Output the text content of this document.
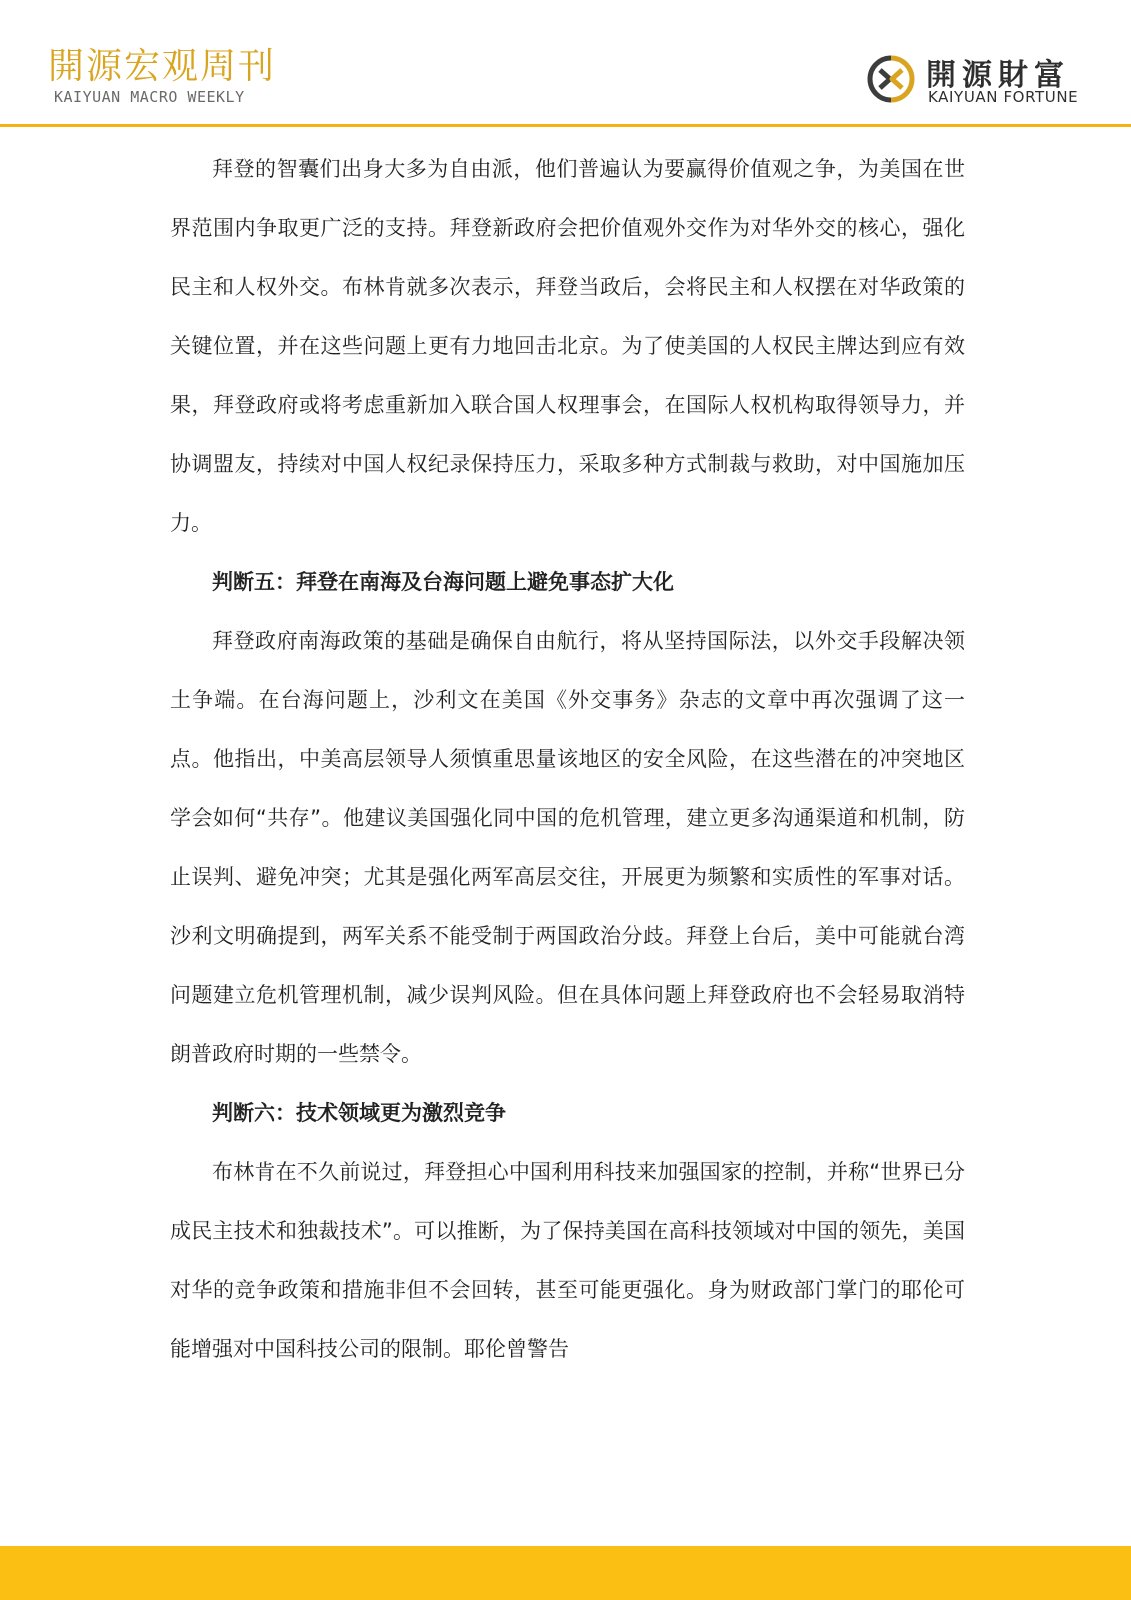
開源宏观周刊
KAIYUAN MACRO WEEKLY
開源財富
KAIYUAN FORTUNE

拜登的智囊们出身大多为自由派，他们普遍认为要赢得价值观之争，为美国在世界范围内争取更广泛的支持。拜登新政府会把价值观外交作为对华外交的核心，强化民主和人权外交。布林肯就多次表示，拜登当政后，会将民主和人权摆在对华政策的关键位置，并在这些问题上更有力地回击北京。为了使美国的人权民主牌达到应有效果，拜登政府或将考虑重新加入联合国人权理事会，在国际人权机构取得领导力，并协调盟友，持续对中国人权纪录保持压力，采取多种方式制裁与救助，对中国施加压力。

判断五：拜登在南海及台海问题上避免事态扩大化

拜登政府南海政策的基础是确保自由航行，将从坚持国际法，以外交手段解决领土争端。在台海问题上，沙利文在美国《外交事务》杂志的文章中再次强调了这一点。他指出，中美高层领导人须慎重思量该地区的安全风险，在这些潜在的冲突地区学会如何“共存”。他建议美国强化同中国的危机管理，建立更多沟通渠道和机制，防止误判、避免冲突；尤其是强化两军高层交往，开展更为频繁和实质性的军事对话。沙利文明确提到，两军关系不能受制于两国政治分歧。拜登上台后，美中可能就台湾问题建立危机管理机制，减少误判风险。但在具体问题上拜登政府也不会轻易取消特朗普政府时期的一些禁令。

判断六：技术领域更为激烈竞争

布林肯在不久前说过，拜登担心中国利用科技来加强国家的控制，并称“世界已分成民主技术和独裁技术”。可以推断，为了保持美国在高科技领域对中国的领先，美国对华的竞争政策和措施非但不会回转，甚至可能更强化。身为财政部门掌门的耶伦可能增强对中国科技公司的限制。耶伦曾警告
